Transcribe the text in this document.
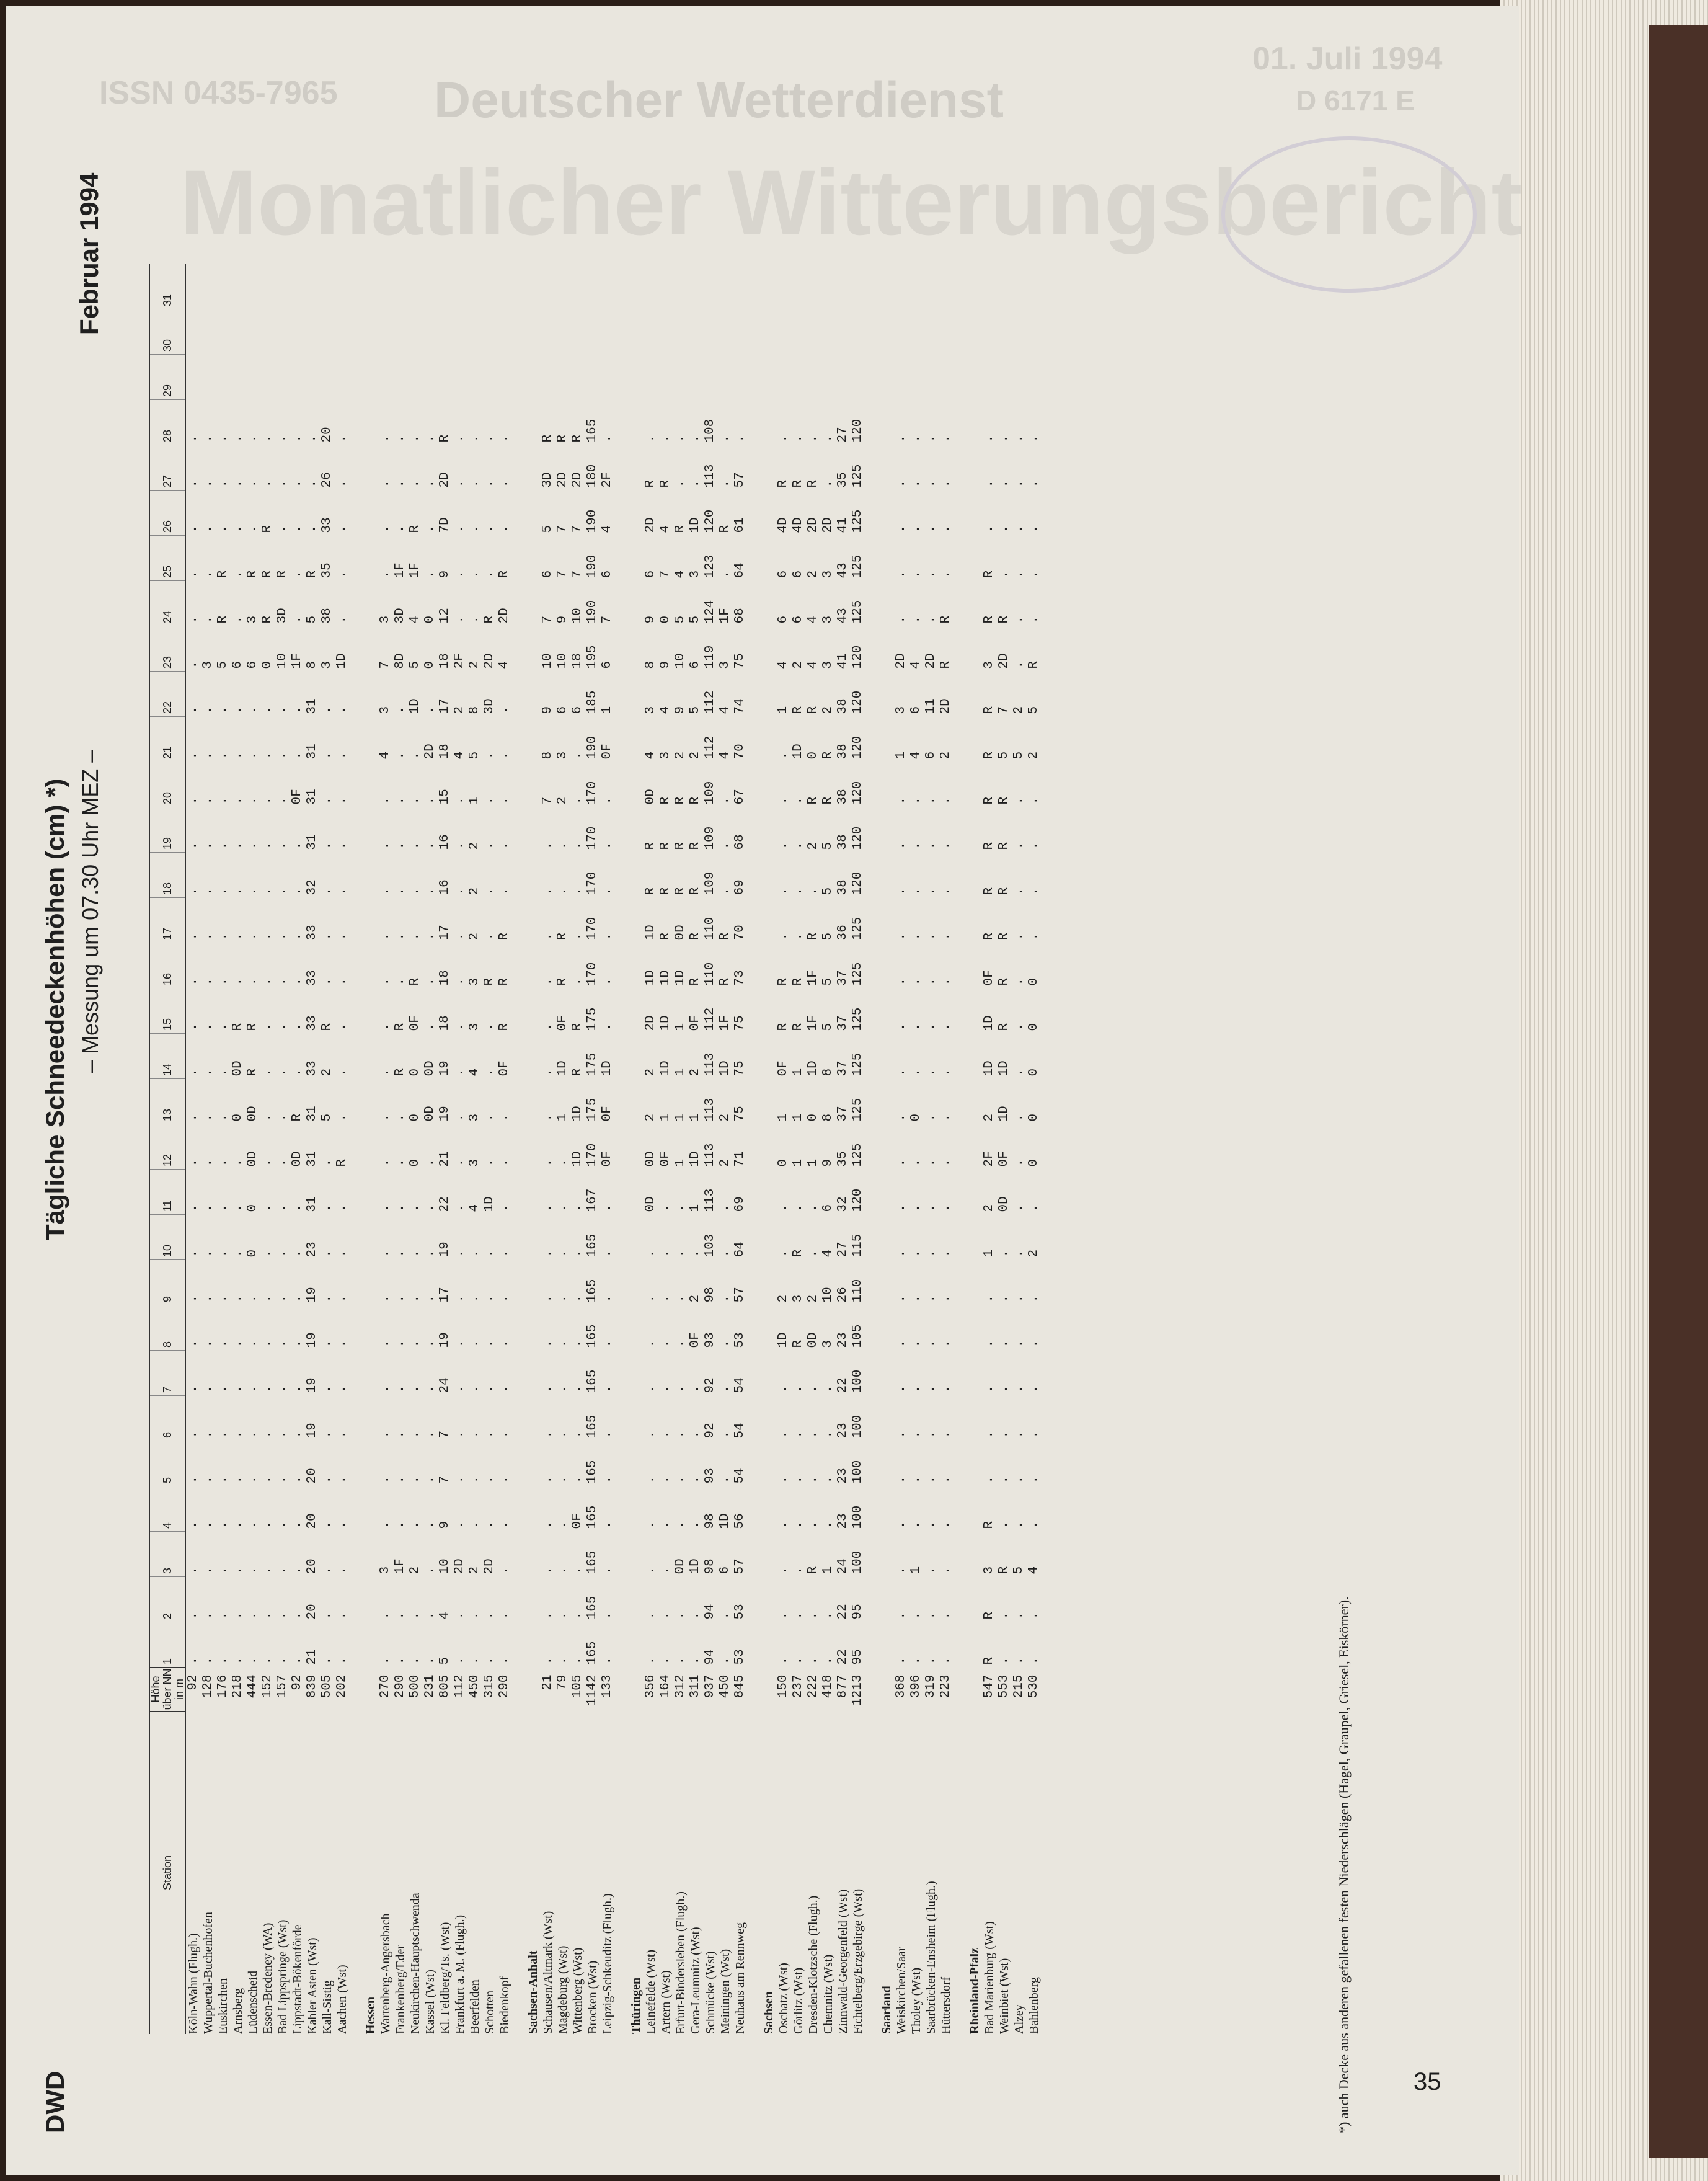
ISSN 0435-7965 Deutscher Wetterdienst
Monatlicher Witterungsbericht
01. Juli 1994
D 6171 E
DWD
Tägliche Schneedeckenhöhen (cm) *) – Messung um 07.30 Uhr MEZ –
Februar 1994
Station	Höhe über NN in m	1	2	3	4	5	6	7	8	9	10	11	12	13	14	15	16	17	18	19	20	21	22	23	24	25	26	27	28	29	30	31
Köln-Wahn (Flugh.)	92	.	.	.	.	.	.	.	.	.	.	.	.	.	.	.	.	.	.	.	.	.	.	.	.	.	.	.	.			
Wuppertal-Buchenhofen	128	.	.	.	.	.	.	.	.	.	.	.	.	.	.	.	.	.	.	.	.	.	.	3	.	.	.	.	.			
Euskirchen	176	.	.	.	.	.	.	.	.	.	.	.	.	.	.	.	.	.	.	.	.	.	.	5	R	R	.	.	.			
Arnsberg	218	.	.	.	.	.	.	.	.	.	.	.	.	0	0D	R	.	.	.	.	.	.	.	6	.	.	.	.	.			
Lüdenscheid	444	.	.	.	.	.	.	.	.	.	0	0	0D	0D	R	R	.	.	.	.	.	.	.	6	3	R	.	.	.			
Essen-Bredeney (WA)	152	.	.	.	.	.	.	.	.	.	.	.	.	.	.	.	.	.	.	.	.	.	.	0	R	R	R	.	.			
Bad Lippspringe (Wst)	157	.	.	.	.	.	.	.	.	.	.	.	.	.	.	.	.	.	.	.	.	.	.	10	3D	R	.	.	.			
Lippstadt-Bökenförde	92	.	.	.	.	.	.	.	.	.	.	.	0D	R	.	.	.	.	.	.	0F	.	.	1F	.	.	.	.	.			
Kahler Asten (Wst)	839	21	20	20	20	20	19	19	19	19	23	31	31	31	33	33	33	33	32	31	31	31	31	8	5	R	.	.	.			
Kall-Sistig	505	.	.	.	.	.	.	.	.	.	.	.	.	5	2	R	.	.	.	.	.	.	.	3	38	35	33	26	20			
Aachen (Wst)	202	.	.	.	.	.	.	.	.	.	.	.	R	.	.	.	.	.	.	.	.	.	.	1D	.	.	.	.	.			
Hessen																																
Wartenberg-Angersbach	270	.	.	3	.	.	.	.	.	.	.	.	.	.	.	.	.	.	.	.	.	4	3	7	3	.	.	.	.			
Frankenberg/Eder	290	.	.	1F	.	.	.	.	.	.	.	.	.	.	R	R	.	.	.	.	.	.	.	8D	3D	1F	.	.	.			
Neukirchen-Hauptschwenda	500	.	.	2	.	.	.	.	.	.	.	.	0	0	0	0F	R	.	.	.	.	.	1D	5	4	1F	R	.	.			
Kassel (Wst)	231	.	.	.	.	.	.	.	.	.	.	.	.	0D	0D	.	.	.	.	.	.	2D	.	0	0	.	.	.	.			
Kl. Feldberg/Ts. (Wst)	805	5	4	10	9	7	7	24	19	17	19	22	21	19	19	18	18	17	16	16	15	18	17	18	12	9	7D	2D	R			
Frankfurt a. M. (Flugh.)	112	.	.	2D	.	.	.	.	.	.	.	.	.	.	.	.	.	.	.	.	.	4	2	2F	.	.	.	.	.			
Beerfelden	450	.	.	2	.	.	.	.	.	.	.	4	3	3	4	3	3	2	2	2	1	5	8	2	.	.	.	.	.			
Schotten	315	.	.	2D	.	.	.	.	.	.	.	1D	.	.	.	.	R	.	.	.	.	.	3D	2D	R	.	.	.	.			
Biedenkopf	290	.	.	.	.	.	.	.	.	.	.	.	.	.	0F	R	R	R	.	.	.	.	.	4	2D	R	.	.	.			
Sachsen-Anhalt																																
Schausen/Altmark (Wst)	21	.	.	.	.	.	.	.	.	.	.	.	.	.	.	.	.	.	.	.	7	8	9	10	7	6	5	3D	R			
Magdeburg (Wst)	79	.	.	.	.	.	.	.	.	.	.	.	.	1	1D	0F	R	R	.	.	2	3	6	10	9	7	7	2D	R			
Wittenberg (Wst)	105	.	.	.	0F	.	.	.	.	.	.	.	1D	1D	R	R	.	.	.	.	.	.	6	18	10	7	7	2D	R			
Brocken (Wst)	1142	165	165	165	165	165	165	165	165	165	165	167	170	175	175	175	170	170	170	170	170	190	185	195	190	190	190	180	165			
Leipzig-Schkeuditz (Flugh.)	133	.	.	.	.	.	.	.	.	.	.	.	0F	0F	1D	.	.	.	.	.	.	0F	1	6	7	6	4	2F	.			
Thüringen																																
Leinefelde (Wst)	356	.	.	.	.	.	.	.	.	.	.	0D	0D	2	2	2D	1D	1D	R	R	0D	4	3	8	9	6	2D	R	.			
Artern (Wst)	164	.	.	.	.	.	.	.	.	.	.	.	0F	1	1D	1D	1D	R	R	R	R	3	4	9	0	7	4	R	.			
Erfurt-Bindersleben (Flugh.)	312	.	.	0D	.	.	.	.	.	.	.	.	1	1	1	1	1D	0D	R	R	R	2	9	10	5	4	R	.	.			
Gera-Leumnitz (Wst)	311	.	.	1D	.	.	.	.	0F	2	.	1	1D	1	2	0F	R	R	R	R	R	2	5	6	5	3	1D	.	.			
Schmücke (Wst)	937	94	94	98	98	93	92	92	93	98	103	113	113	113	113	112	110	110	109	109	109	112	112	119	124	123	120	113	108			
Meiningen (Wst)	450	.	.	6	1D	.	.	.	.	.	.	.	2	2	1D	1F	R	R	.	.	.	4	4	3	1F	.	R	.	.			
Neuhaus am Rennweg	845	53	53	57	56	54	54	54	53	57	64	69	71	75	75	75	73	70	69	68	67	70	74	75	68	64	61	57	.			
Sachsen																																
Oschatz (Wst)	150	.	.	.	.	.	.	.	1D	2	.	.	0	1	0F	R	R	.	.	.	.	.	1	4	6	6	4D	R	.			
Görlitz (Wst)	237	.	.	.	.	.	.	.	R	3	R	.	1	1	1	R	R	.	.	.	.	1D	R	2	6	6	4D	R	.			
Dresden-Klotzsche (Flugh.)	222	.	.	R	.	.	.	.	0D	2	.	.	1	0	1D	1F	1F	R	.	2	R	0	R	4	4	2	2D	R	.			
Chemnitz (Wst)	418	.	.	1	.	.	.	.	3	10	4	6	9	8	8	5	5	5	5	5	R	R	2	3	3	3	2D	.	.			
Zinnwald-Georgenfeld (Wst)	877	22	22	24	23	23	23	22	23	26	27	32	35	37	37	37	37	36	38	38	38	38	38	41	43	43	41	35	27			
Fichtelberg/Erzgebirge (Wst)	1213	95	95	100	100	100	100	100	105	110	115	120	125	125	125	125	125	125	120	120	120	120	120	120	125	125	125	125	120			
Saarland																																
Weiskirchen/Saar	368	.	.	.	.	.	.	.	.	.	.	.	.	.	.	.	.	.	.	.	.	1	3	2D	.	.	.	.	.			
Tholey (Wst)	396	.	.	1	.	.	.	.	.	.	.	.	.	0	.	.	.	.	.	.	.	4	6	4	.	.	.	.	.			
Saarbrücken-Ensheim (Flugh.)	319	.	.	.	.	.	.	.	.	.	.	.	.	.	.	.	.	.	.	.	.	6	11	2D	.	.	.	.	.			
Hüttersdorf	223	.	.	.	.	.	.	.	.	.	.	.	.	.	.	.	.	.	.	.	.	2	2D	R	R	.	.	.	.			
Rheinland-Pfalz																																
Bad Marienburg (Wst)	547	R	R	3	R	.	.	.	.	.	1	2	2F	2	1D	1D	0F	R	R	R	R	R	R	3	R	R	.	.	.			
Weinbiet (Wst)	553	.	.	R	.	.	.	.	.	.	.	0D	0F	1D	1D	R	R	R	R	R	R	5	7	2D	R	.	.	.	.			
Alzey	215	.	.	5	.	.	.	.	.	.	.	.	.	.	.	.	.	.	.	.	.	5	2	.	.	.	.	.	.			
Bahlenberg	530	.	.	4	.	.	.	.	.	.	2	.	0	0	0	0	0	.	.	.	.	2	5	R	.	.	.	.	.			
*) auch Decke aus anderen gefallenen festen Niederschlägen (Hagel, Graupel, Griesel, Eiskörner).	35
